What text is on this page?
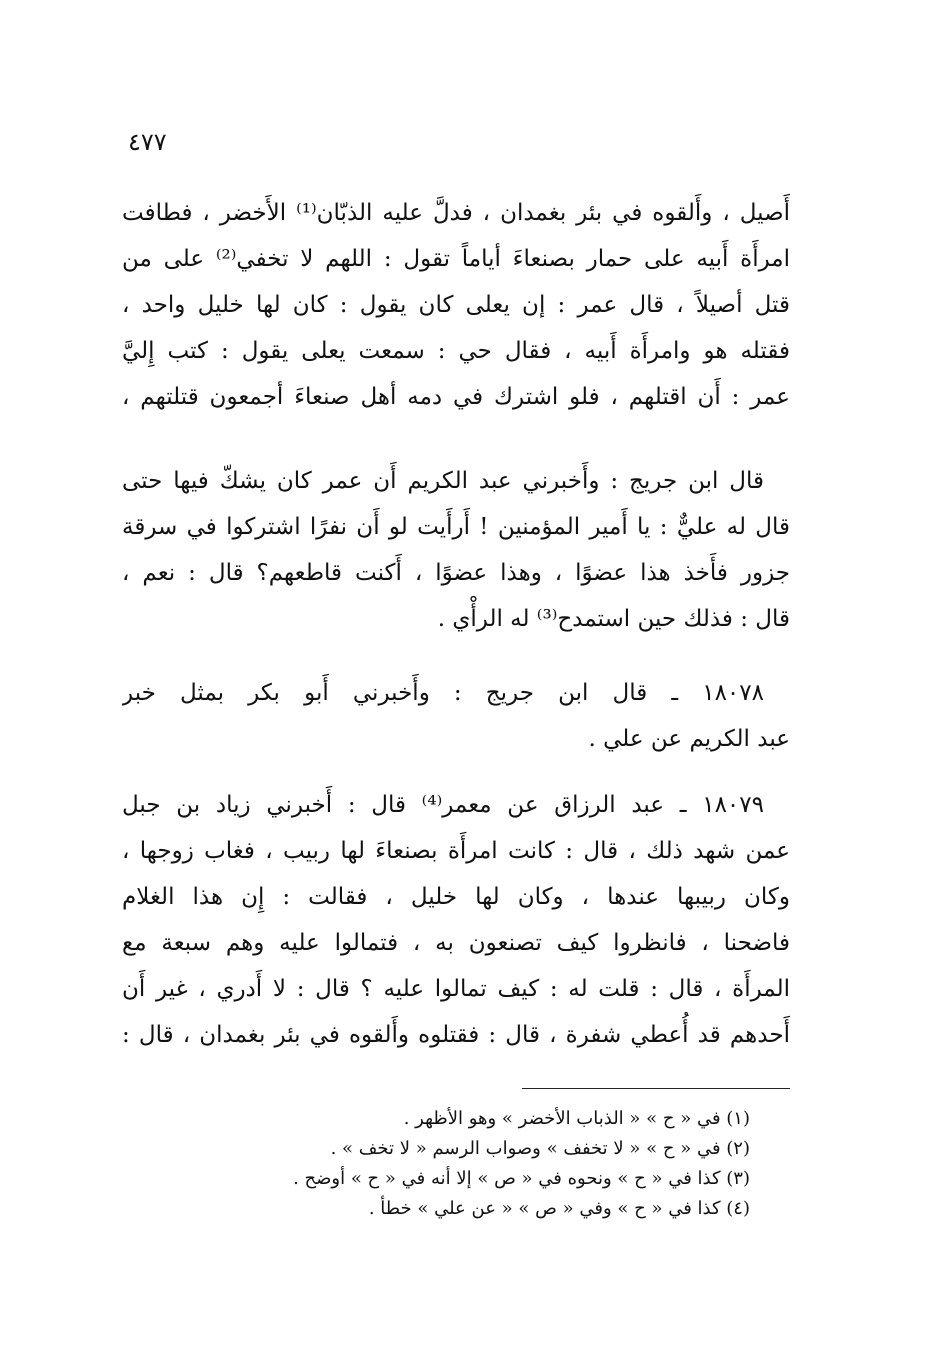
٤٧٧
أَصيل ، وأَلقوه في بئر بغمدان ، فدلَّ عليه الذبّان⁽¹⁾ الأَخضر ، فطافت
امرأَة أَبيه على حمار بصنعاءَ أياماً تقول : اللهم لا تخفي⁽²⁾ على من
قتل أصيلاً ، قال عمر : إن يعلى كان يقول : كان لها خليل واحد ،
فقتله هو وامرأَة أَبيه ، فقال حي : سمعت يعلى يقول : كتب إِليَّ
عمر : أَن اقتلهم ، فلو اشترك في دمه أهل صنعاءَ أجمعون قتلتهم ،
قال ابن جريج : وأَخبرني عبد الكريم أَن عمر كان يشكّ فيها حتى
قال له عليٌّ : يا أَمير المؤمنين ! أَرأَيت لو أَن نفرًا اشتركوا في سرقة
جزور فأَخذ هذا عضوًا ، وهذا عضوًا ، أَكنت قاطعهم؟ قال : نعم ،
قال : فذلك حين استمدح⁽³⁾ له الرأْي .
١٨٠٧٨ ـ قال ابن جريج : وأَخبرني أَبو بكر بمثل خبر
عبد الكريم عن علي .
١٨٠٧٩ ـ عبد الرزاق عن معمر⁽⁴⁾ قال : أَخبرني زياد بن جبل
عمن شهد ذلك ، قال : كانت امرأَة بصنعاءَ لها ربيب ، فغاب زوجها ،
وكان ربيبها عندها ، وكان لها خليل ، فقالت : إِن هذا الغلام
فاضحنا ، فانظروا كيف تصنعون به ، فتمالوا عليه وهم سبعة مع
المرأَة ، قال : قلت له : كيف تمالوا عليه ؟ قال : لا أَدري ، غير أَن
أَحدهم قد أُعطي شفرة ، قال : فقتلوه وأَلقوه في بئر بغمدان ، قال :
(١) في « ح » « الذباب الأخضر » وهو الأظهر .
(٢) في « ح » « لا تخفف » وصواب الرسم « لا تخف » .
(٣) كذا في « ح » ونحوه في « ص » إلا أنه في « ح » أوضح .
(٤) كذا في « ح » وفي « ص » « عن علي » خطأ .
